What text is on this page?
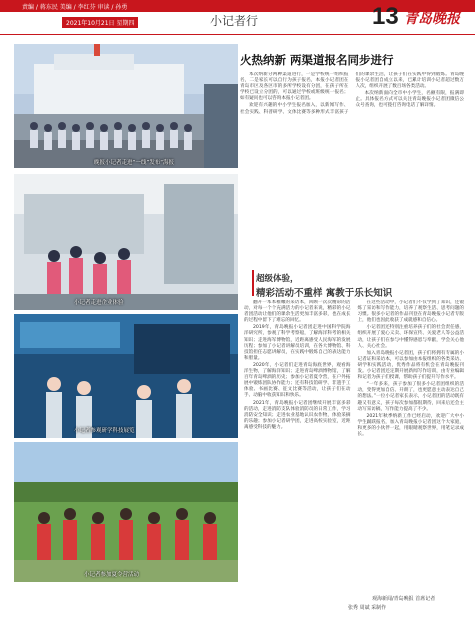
责编 / 蒋东民 美编 / 李红芬 审读 / 孙勇
2021年10月21日 星期四	小记者行	13 青岛晚报
晚报小记者走进“一线”发布“海报
火热纳新 两渠道报名同步进行

本次纳新分两种渠道进行，一是学校统一组织报名，二是家长可以自行为孩子报名，本报小记者团在青岛市区及各区市的多所学校设有分团，在孩子所在学校已设立分团的，可以通过学校或班级统一报名；如有疑问也可以咨询本报小记者团。

欢迎有兴趣的中小学生报名加入，以新闻写作、社会实践、科普研学、文体比赛等多种形式丰富孩子们的课余生活，让孩子们在实践中得到锻炼。青岛晚报小记者团自成立以来，已累计培训小记者超过数万人次，组织开展了数百场各类活动。

本次纳新面向全市中小学生，名额有限，报满即止。具体报名方式可以关注青岛晚报小记者团微信公众号查询，也可拨打咨询电话了解详情。

小记者走进企业体验
小记者参观研学科技展览
小记者参加夏令营活动
超级体验，
精彩活动不重样 寓教于乐长知识

翻开一本本稚嫩的采访本，回顾一次次精彩的活动，对每一个个充满活力的小记者来说，精彩的小记者团活动让他们的课余生活更加丰富多彩，也在成长的过程中留下了难忘的回忆。

2019年，青岛晚报小记者团走进中国科学院海洋研究所，参观了科学考察船，了解海洋科考的相关知识；走进海军博物馆，近距离感受人民海军的发展历程；参加了小记者讲解员培训，在各大博物馆、科技馆担任志愿讲解员，在实践中锻炼自己的表达能力和胆量。

2020年，小记者们走进青岛海底世界，观看海洋生物，了解海洋知识；走进青岛啤酒博物馆，了解百年青岛啤酒的历史；参加小记者夏令营，在户外拓展中锻炼团队协作能力；还有科技馆研学、非遗手工体验、书画比赛、征文比赛等活动，让孩子们在动手、动脑中收获知识和快乐。

2021年，青岛晚报小记者团继续开展丰富多彩的活动，走进消防支队体验消防员的日常工作，学习消防安全知识；走进农业基地认识农作物，体验采摘的乐趣；参加小记者研学团，走进高校实验室，近距离感受科技的魅力。

在这些活动中，小记者们不仅学到了知识，还锻炼了采访和写作能力，培养了观察生活、思考问题的习惯。很多小记者的作品刊登在青岛晚报小记者专版上，他们也因此收获了成就感和自信心。

小记者团还特别注重培养孩子们的社会责任感，组织开展了爱心义卖、环保宣传、关爱老人等公益活动，让孩子们在参与中懂得感恩与奉献，学会关心他人、关心社会。

加入青岛晚报小记者团，孩子们将拥有专属的小记者证和采访本，可以参加由本报组织的各类采访、研学和实践活动，优秀作品将有机会在青岛晚报刊发。小记者团还定期开展新闻写作培训，由专业编辑和记者为孩子们授课，帮助孩子们提升写作水平。

“一年多来，孩子参加了很多小记者团组织的活动，变得更加自信、开朗了，也更愿意主动表达自己的想法。”一位小记者家长表示，小记者团的活动既有趣又有意义，孩子每次参加都很期待，回来后还会主动写采访稿，写作能力提高了不少。

2021年秋季纳新工作已经启动，欢迎广大中小学生踊跃报名，加入青岛晚报小记者团这个大家庭，和更多的小伙伴一起，用眼睛观察世界，用笔记录成长。

观海新闻/青岛晚报 首席记者
张秀 周斌 采制作
